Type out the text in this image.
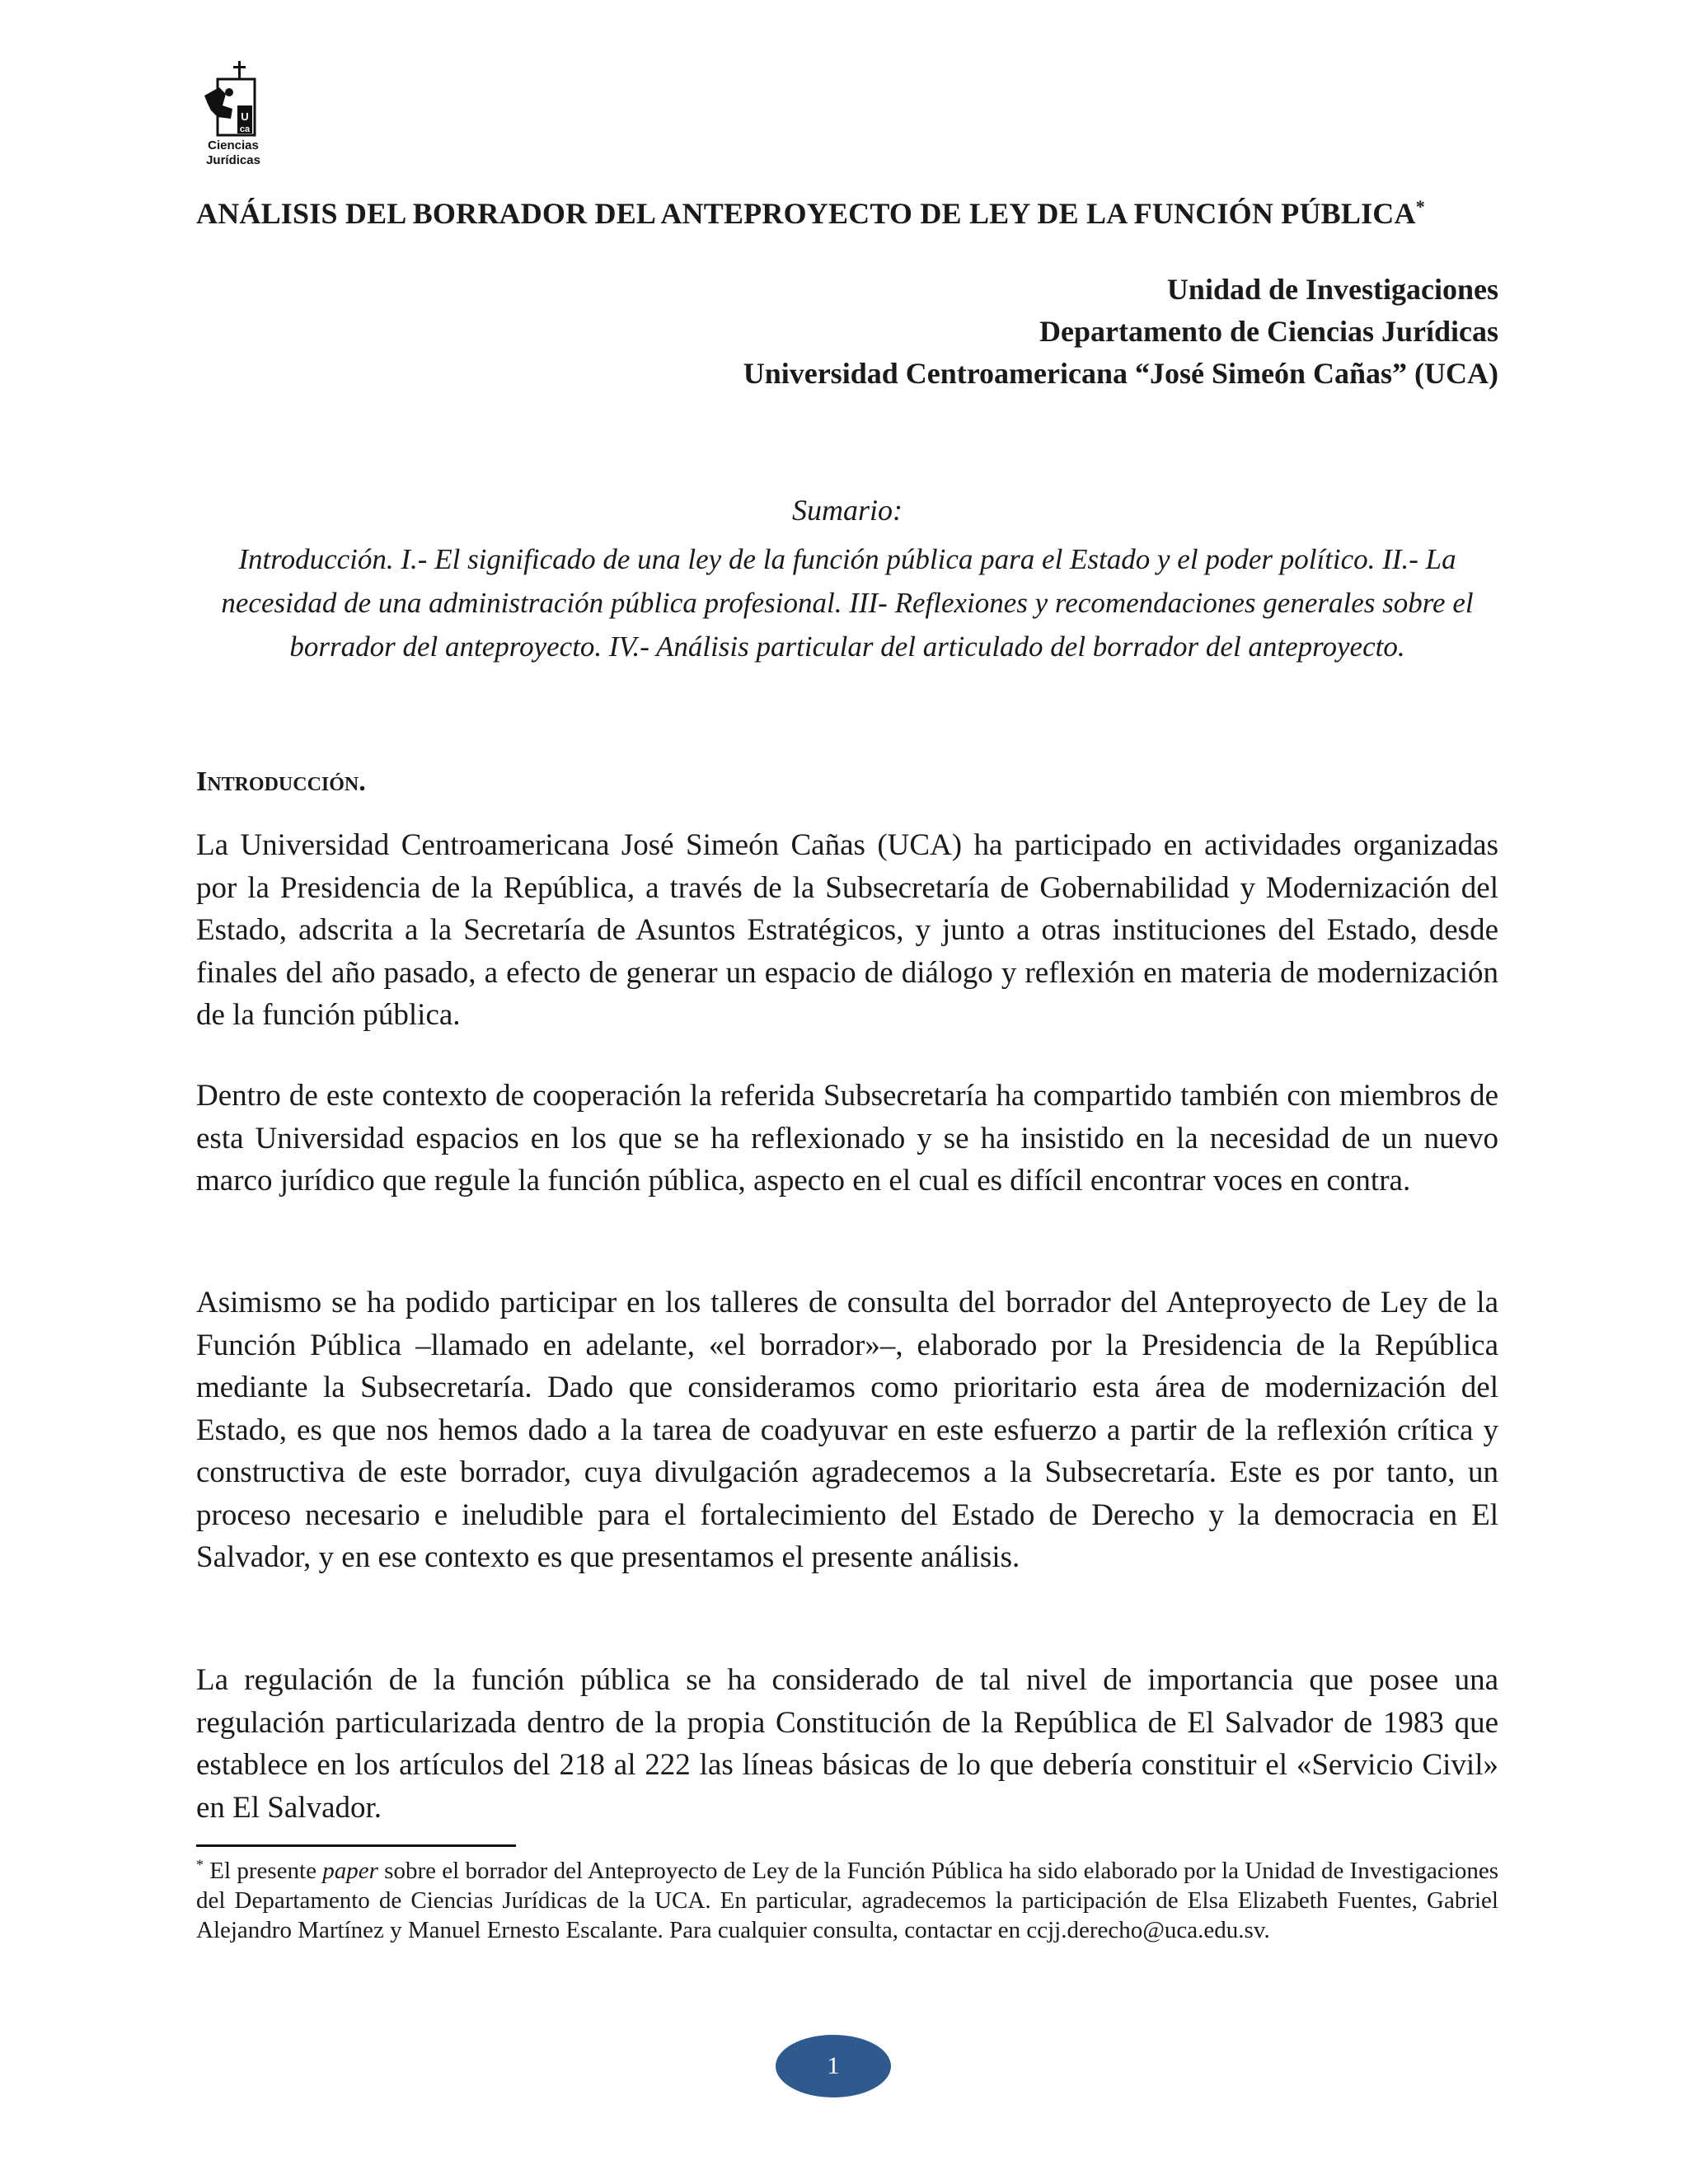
U
ca
Ciencias
Jurídicas
ANÁLISIS DEL BORRADOR DEL ANTEPROYECTO DE LEY DE LA FUNCIÓN PÚBLICA*
Unidad de Investigaciones
Departamento de Ciencias Jurídicas
Universidad Centroamericana “José Simeón Cañas” (UCA)
Sumario:
Introducción. I.- El significado de una ley de la función pública para el Estado y el poder político. II.- La necesidad de una administración pública profesional. III- Reflexiones y recomendaciones generales sobre el borrador del anteproyecto. IV.- Análisis particular del articulado del borrador del anteproyecto.
Introducción.

La Universidad Centroamericana José Simeón Cañas (UCA) ha participado en actividades organizadas por la Presidencia de la República, a través de la Subsecretaría de Gobernabilidad y Modernización del Estado, adscrita a la Secretaría de Asuntos Estratégicos, y junto a otras instituciones del Estado, desde finales del año pasado, a efecto de generar un espacio de diálogo y reflexión en materia de modernización de la función pública.

Dentro de este contexto de cooperación la referida Subsecretaría ha compartido también con miembros de esta Universidad espacios en los que se ha reflexionado y se ha insistido en la necesidad de un nuevo marco jurídico que regule la función pública, aspecto en el cual es difícil encontrar voces en contra.

Asimismo se ha podido participar en los talleres de consulta del borrador del Anteproyecto de Ley de la Función Pública –llamado en adelante, «el borrador»–, elaborado por la Presidencia de la República mediante la Subsecretaría. Dado que consideramos como prioritario esta área de modernización del Estado, es que nos hemos dado a la tarea de coadyuvar en este esfuerzo a partir de la reflexión crítica y constructiva de este borrador, cuya divulgación agradecemos a la Subsecretaría. Este es por tanto, un proceso necesario e ineludible para el fortalecimiento del Estado de Derecho y la democracia en El Salvador, y en ese contexto es que presentamos el presente análisis.

La regulación de la función pública se ha considerado de tal nivel de importancia que posee una regulación particularizada dentro de la propia Constitución de la República de El Salvador de 1983 que establece en los artículos del 218 al 222 las líneas básicas de lo que debería constituir el «Servicio Civil» en El Salvador.

* El presente paper sobre el borrador del Anteproyecto de Ley de la Función Pública ha sido elaborado por la Unidad de Investigaciones del Departamento de Ciencias Jurídicas de la UCA. En particular, agradecemos la participación de Elsa Elizabeth Fuentes, Gabriel Alejandro Martínez y Manuel Ernesto Escalante. Para cualquier consulta, contactar en ccjj.derecho@uca.edu.sv.
1
